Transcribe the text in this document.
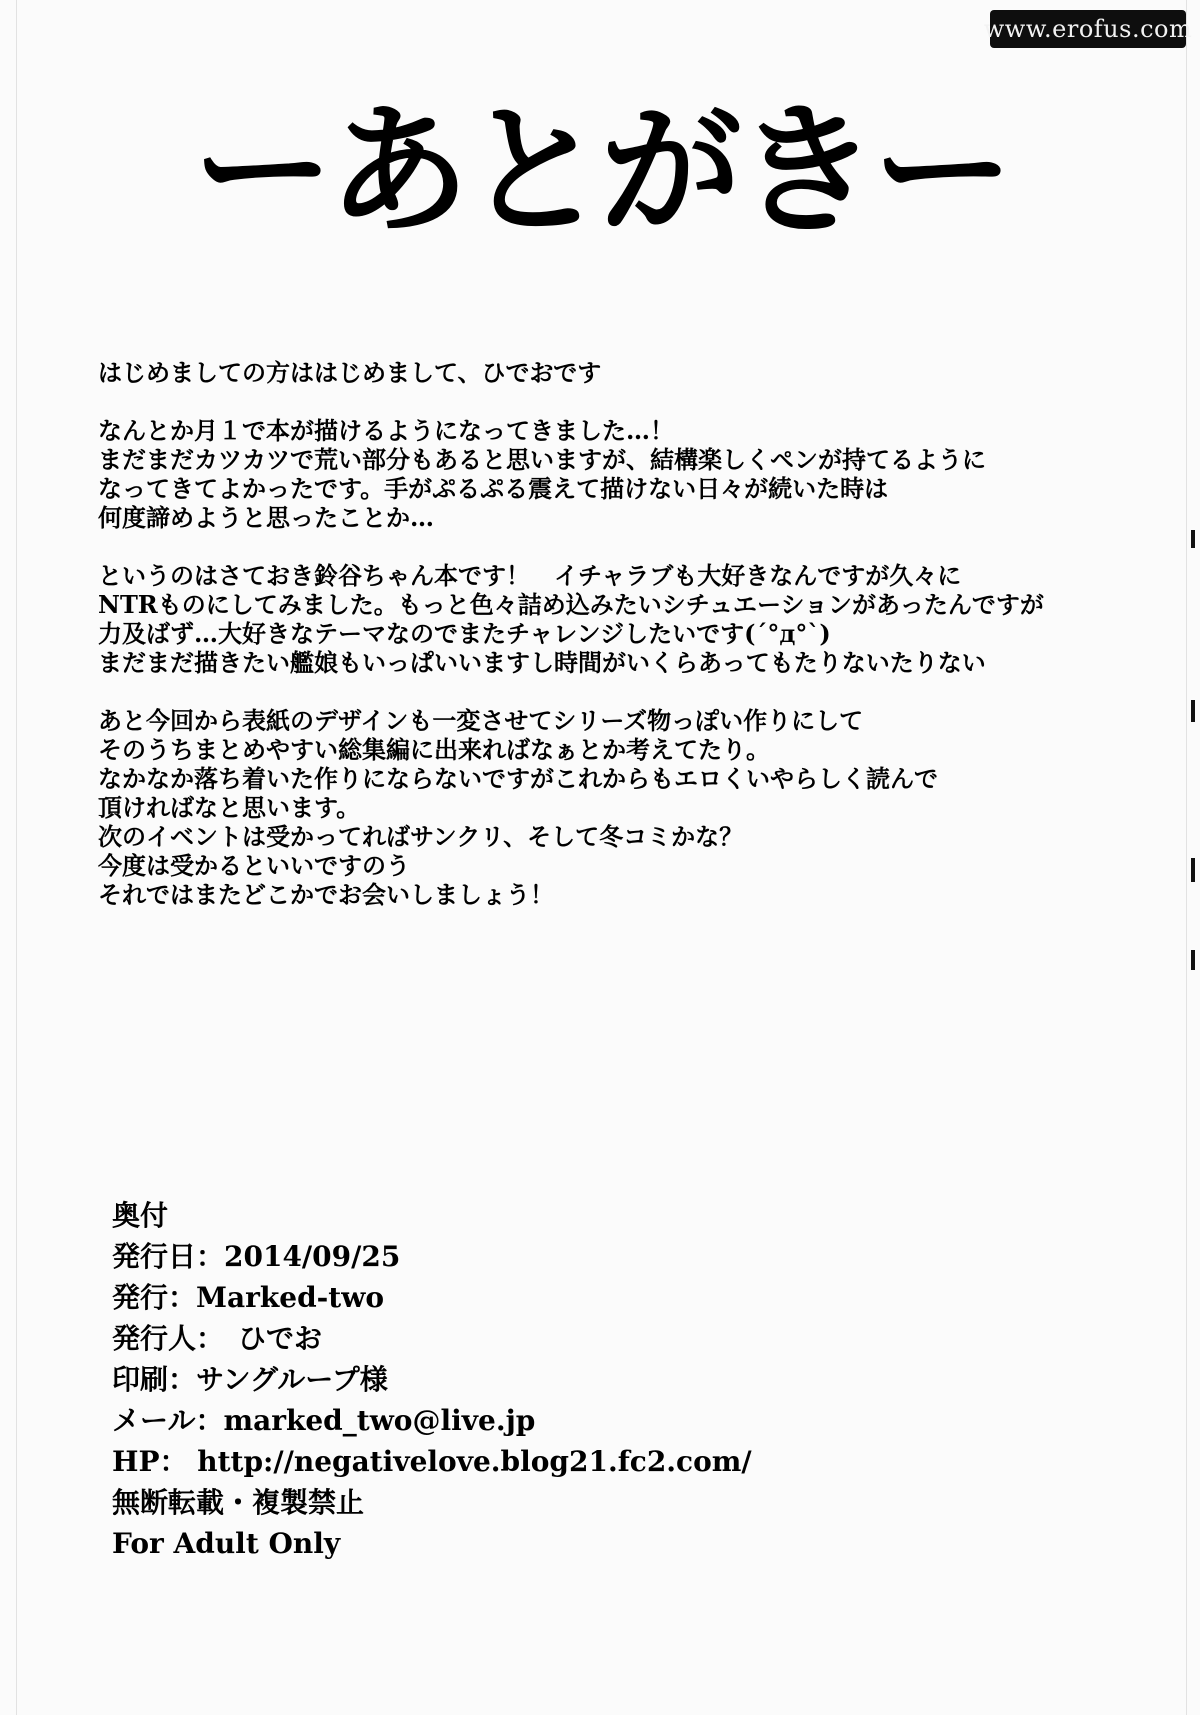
www.erofus.com
ーあとがきー
はじめましての方ははじめまして、ひでおです
なんとか月１で本が描けるようになってきました…！
まだまだカツカツで荒い部分もあると思いますが、結構楽しくペンが持てるように
なってきてよかったです。手がぷるぷる震えて描けない日々が続いた時は
何度諦めようと思ったことか…
というのはさておき鈴谷ちゃん本です！　イチャラブも大好きなんですが久々に
NTRものにしてみました。もっと色々詰め込みたいシチュエーションがあったんですが
力及ばず…大好きなテーマなのでまたチャレンジしたいです(´°д°`)
まだまだ描きたい艦娘もいっぱいいますし時間がいくらあってもたりないたりない
あと今回から表紙のデザインも一変させてシリーズ物っぽい作りにして
そのうちまとめやすい総集編に出来ればなぁとか考えてたり。
なかなか落ち着いた作りにならないですがこれからもエロくいやらしく読んで
頂ければなと思います。
次のイベントは受かってればサンクリ、そして冬コミかな？
今度は受かるといいですのう
それではまたどこかでお会いしましょう！
奥付
発行日：2014/09/25
発行：Marked-two
発行人：　ひでお
印刷：サングループ様
メール：marked_two@live.jp
HP： http://negativelove.blog21.fc2.com/
無断転載・複製禁止
For Adult Only
